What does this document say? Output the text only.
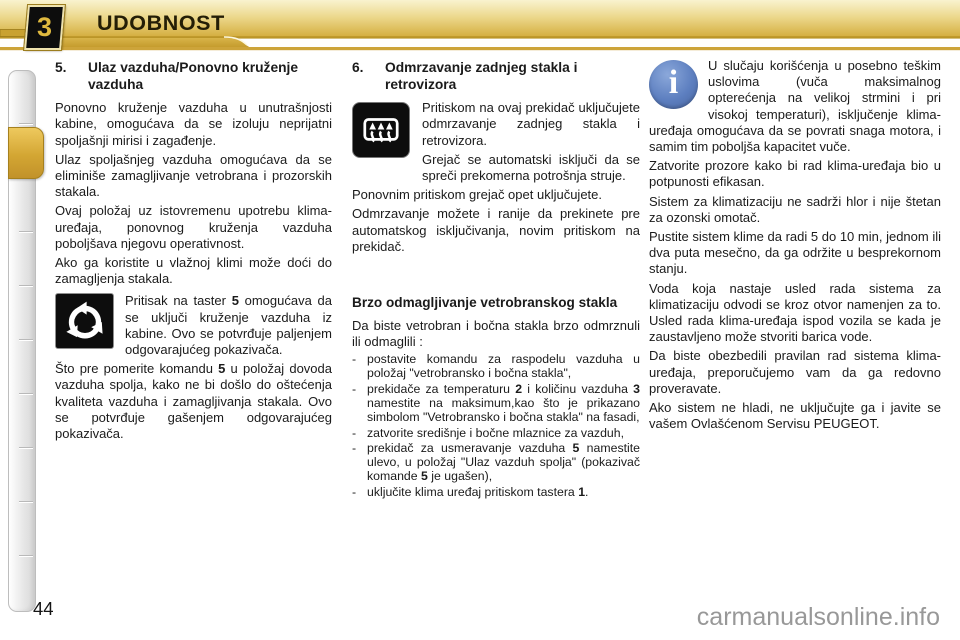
3 UDOBNOST
5.	Ulaz vazduha/Ponovno kruženje vazduha

Ponovno kruženje vazduha u unutrašnjosti kabine, omogućava da se izoluju neprijatni spoljašnji mirisi i zagađenje.

Ulaz spoljašnjeg vazduha omogućava da se eliminiše zamagljivanje vetrobrana i prozorskih stakala.

Ovaj položaj uz istovremenu upotrebu klima-uređaja, ponovnog kruženja vazduha poboljšava njegovu operativnost.

Ako ga koristite u vlažnoj klimi može doći do zamagljenja stakala.

Pritisak na taster 5 omogućava da se uključi kruženje vazduha iz kabine. Ovo se potvrđuje paljenjem odgovarajućeg pokazivača.

Što pre pomerite komandu 5 u položaj dovoda vazduha spolja, kako ne bi došlo do oštećenja kvaliteta vazduha i zamagljivanja stakala. Ovo se potvrđuje gašenjem odgovarajućeg pokazivača.

6.	Odmrzavanje zadnjeg stakla i retrovizora

Pritiskom na ovaj prekidač uključujete odmrzavanje zadnjeg stakla i retrovizora.

Grejač se automatski isključi da se spreči prekomerna potrošnja struje.

Ponovnim pritiskom grejač opet uključujete.

Odmrzavanje možete i ranije da prekinete pre automatskog isključivanja, novim pritiskom na prekidač.

Brzo odmagljivanje vetrobranskog stakla

Da biste vetrobran i bočna stakla brzo odmrznuli ili odmaglili :

- postavite komandu za raspodelu vazduha u položaj "vetrobransko i bočna stakla",
- prekidače za temperaturu 2 i količinu vazduha 3 namestite na maksimum,kao što je prikazano simbolom "Vetrobransko i bočna stakla" na fasadi,
- zatvorite središnje i bočne mlaznice za vazduh,
- prekidač za usmeravanje vazduha 5 namestite ulevo, u položaj "Ulaz vazduh spolja" (pokazivač komande 5 je ugašen),
- uključite klima uređaj pritiskom tastera 1.
i	U slučaju korišćenja u posebno teškim uslovima (vuča maksimalnog opterećenja na velikoj strmini i pri visokoj temperaturi), isključenje klima-uređaja omogućava da se povrati snaga motora, i samim tim poboljša kapacitet vuče.

Zatvorite prozore kako bi rad klima-uređaja bio u potpunosti efikasan.

Sistem za klimatizaciju ne sadrži hlor i nije štetan za ozonski omotač.

Pustite sistem klime da radi 5 do 10 min, jednom ili dva puta mesečno, da ga održite u besprekornom stanju.

Voda koja nastaje usled rada sistema za klimatizaciju odvodi se kroz otvor namenjen za to. Usled rada klima-uređaja ispod vozila se kada je zaustavljeno može stvoriti barica vode.

Da biste obezbedili pravilan rad sistema klima-uređaja, preporučujemo vam da ga redovno proveravate.

Ako sistem ne hladi, ne uključujte ga i javite se vašem Ovlašćenom Servisu PEUGEOT.

44	carmanualsonline.info
